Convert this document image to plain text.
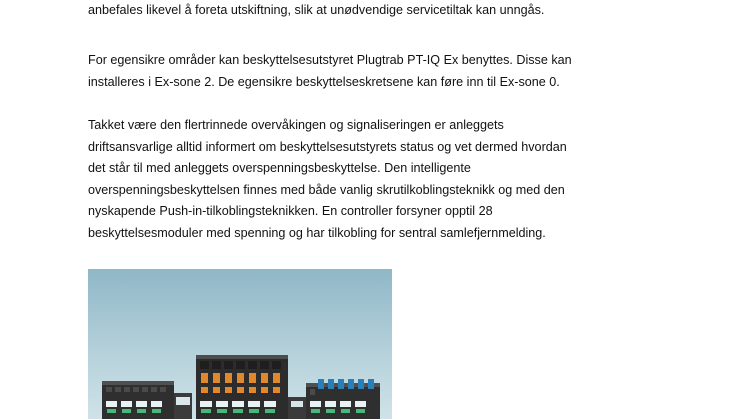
anbefales likevel å foreta utskiftning, slik at unødvendige servicetiltak kan unngås.

For egensikre områder kan beskyttelsesutstyret Plugtrab PT-IQ Ex benyttes. Disse kan
installeres i Ex-sone 2. De egensikre beskyttelseskretsene kan føre inn til Ex-sone 0.

Takket være den flertrinnede overvåkingen og signaliseringen er anleggets
driftsansvarlige alltid informert om beskyttelsesutstyrets status og vet dermed hvordan
det står til med anleggets overspenningsbeskyttelse. Den intelligente
overspenningsbeskyttelsen finnes med både vanlig skrutilkoblingsteknikk og med den
nyskapende Push-in-tilkoblingsteknikken. En controller forsyner opptil 28
beskyttelsesmoduler med spenning og har tilkobling for sentral samlefjernmelding.
